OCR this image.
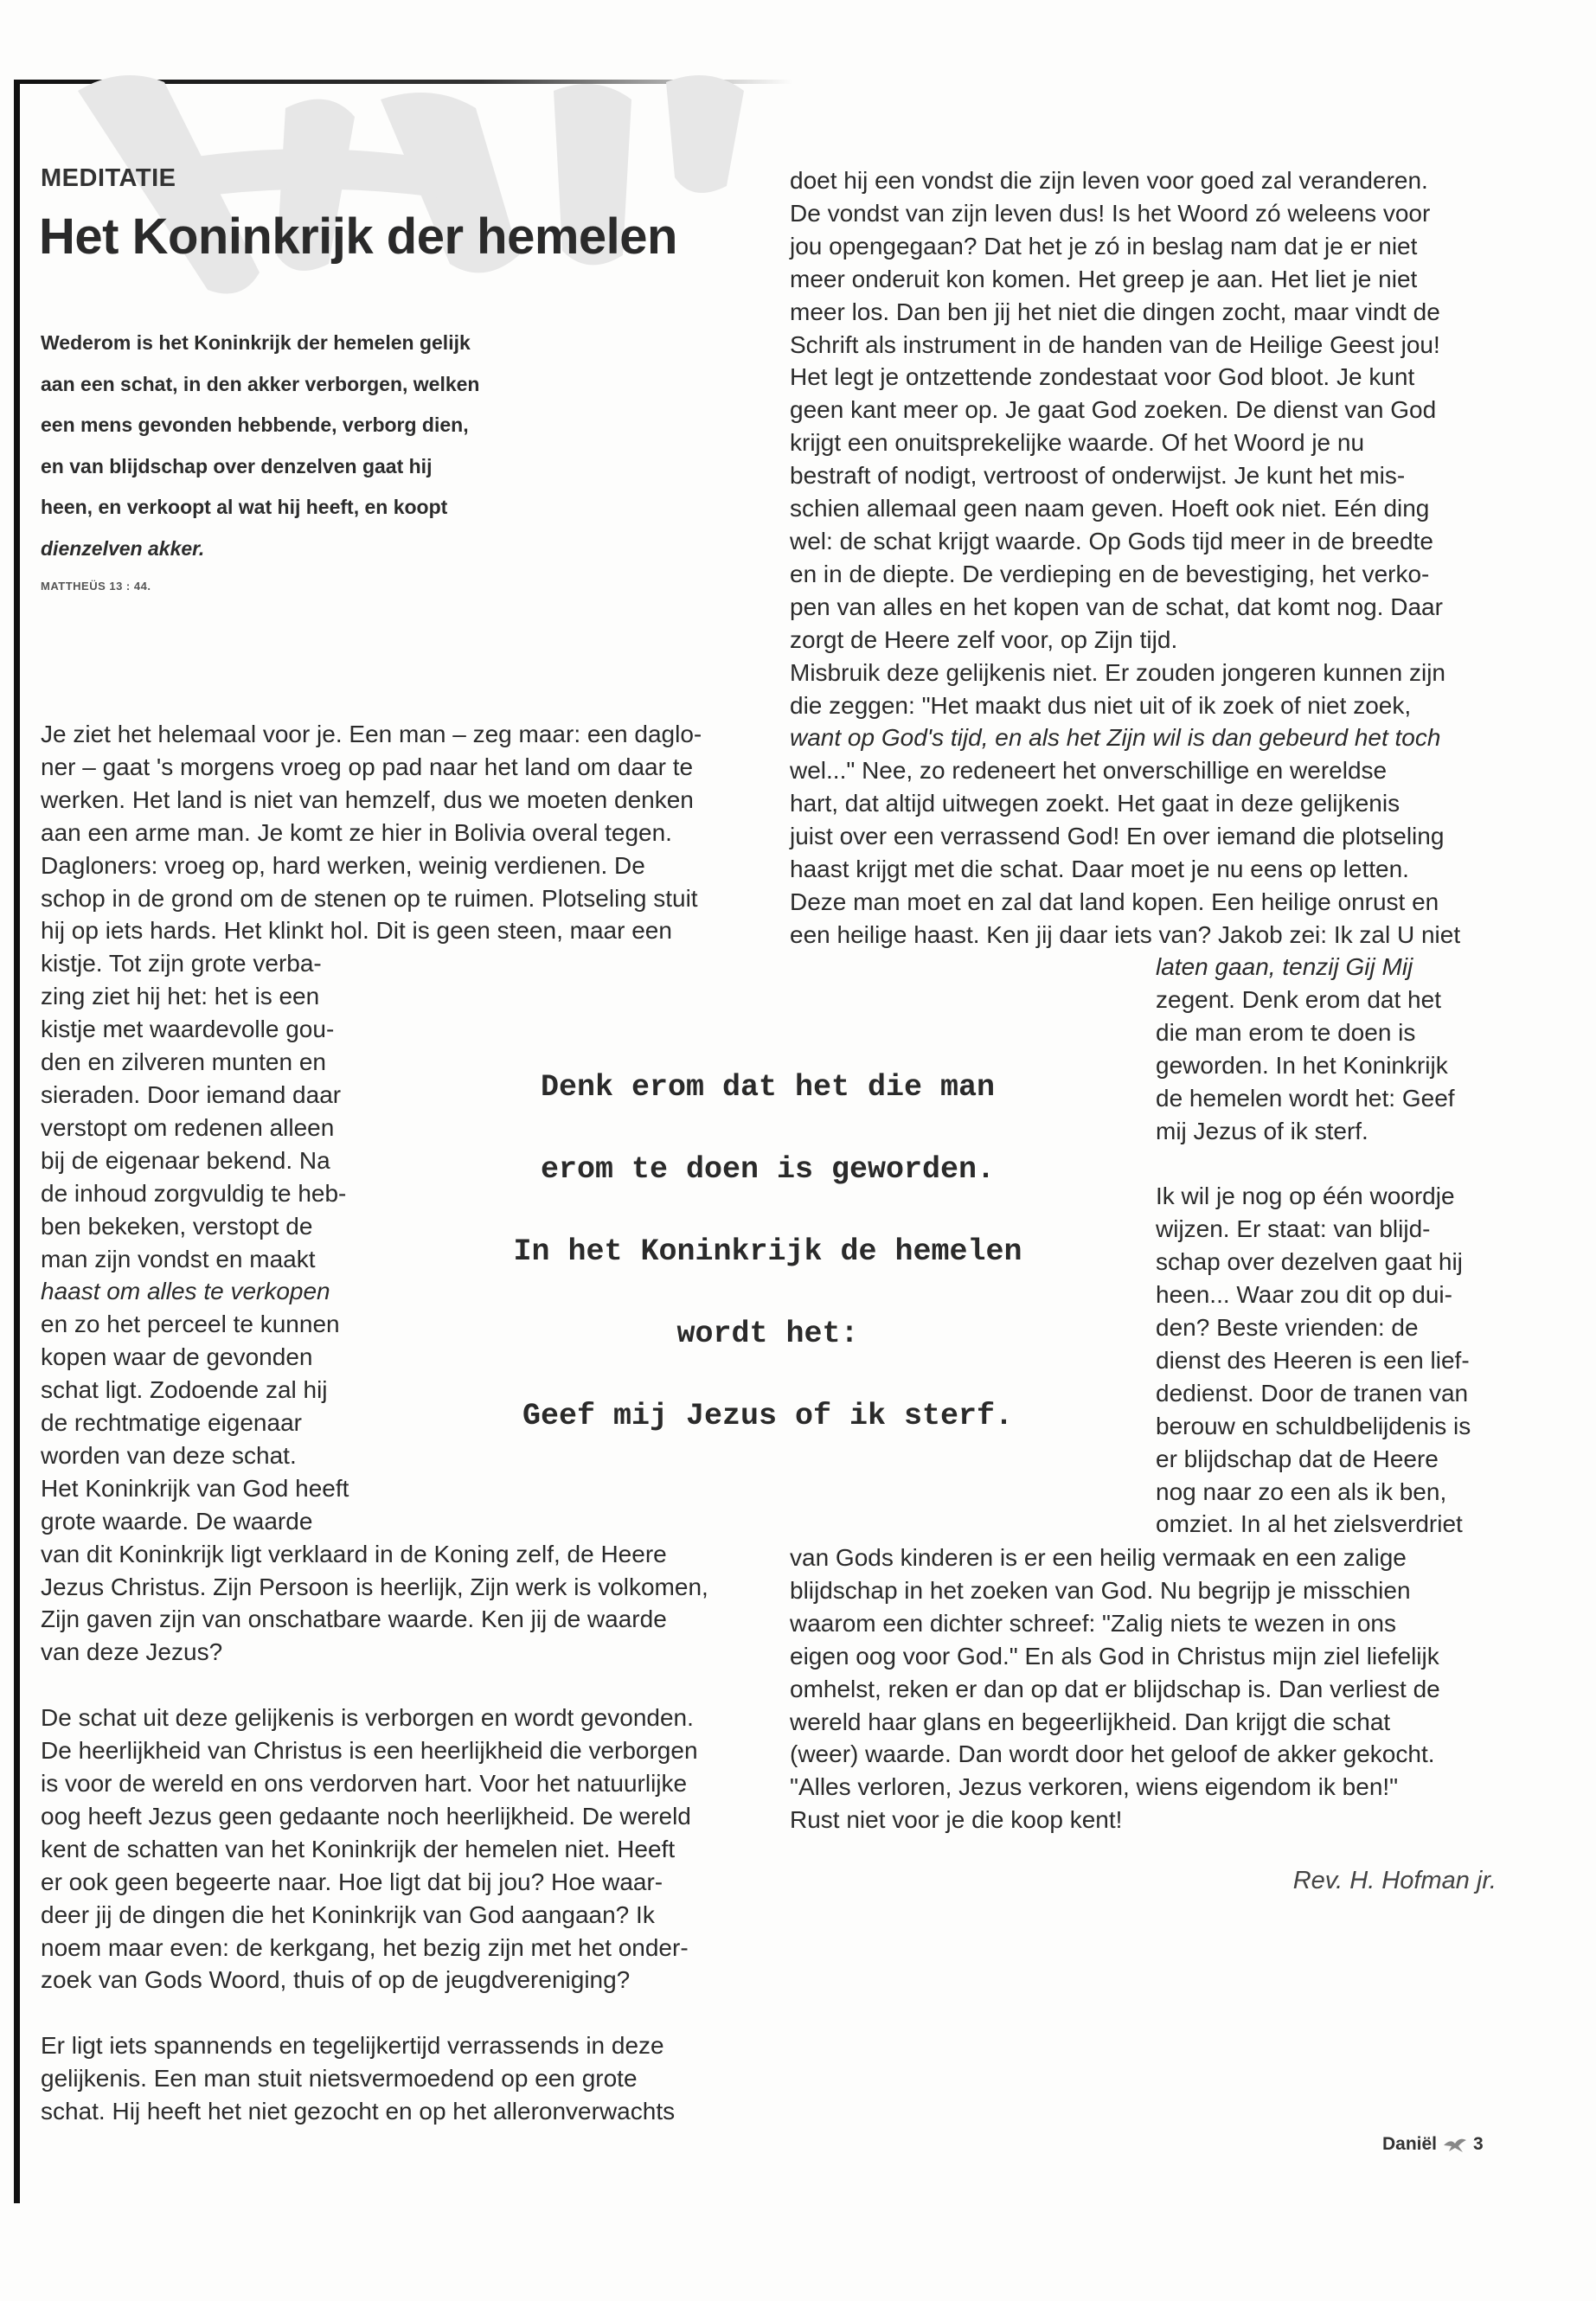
MEDITATIE
Het Koninkrijk der hemelen
Wederom is het Koninkrijk der hemelen gelijk
aan een schat, in den akker verborgen, welken
een mens gevonden hebbende, verborg dien,
en van blijdschap over denzelven gaat hij
heen, en verkoopt al wat hij heeft, en koopt
dienzelven akker.
MATTHEÜS 13 : 44.
Je ziet het helemaal voor je. Een man – zeg maar: een daglo-
ner – gaat 's morgens vroeg op pad naar het land om daar te
werken. Het land is niet van hemzelf, dus we moeten denken
aan een arme man. Je komt ze hier in Bolivia overal tegen.
Dagloners: vroeg op, hard werken, weinig verdienen. De
schop in de grond om de stenen op te ruimen. Plotseling stuit
hij op iets hards. Het klinkt hol. Dit is geen steen, maar een
kistje. Tot zijn grote verba-
zing ziet hij het: het is een
kistje met waardevolle gou-
den en zilveren munten en
sieraden. Door iemand daar
verstopt om redenen alleen
bij de eigenaar bekend. Na
de inhoud zorgvuldig te heb-
ben bekeken, verstopt de
man zijn vondst en maakt
haast om alles te verkopen
en zo het perceel te kunnen
kopen waar de gevonden
schat ligt. Zodoende zal hij
de rechtmatige eigenaar
worden van deze schat.
Het Koninkrijk van God heeft
grote waarde. De waarde
van dit Koninkrijk ligt verklaard in de Koning zelf, de Heere
Jezus Christus. Zijn Persoon is heerlijk, Zijn werk is volkomen,
Zijn gaven zijn van onschatbare waarde. Ken jij de waarde
van deze Jezus?

De schat uit deze gelijkenis is verborgen en wordt gevonden.
De heerlijkheid van Christus is een heerlijkheid die verborgen
is voor de wereld en ons verdorven hart. Voor het natuurlijke
oog heeft Jezus geen gedaante noch heerlijkheid. De wereld
kent de schatten van het Koninkrijk der hemelen niet. Heeft
er ook geen begeerte naar. Hoe ligt dat bij jou? Hoe waar-
deer jij de dingen die het Koninkrijk van God aangaan? Ik
noem maar even: de kerkgang, het bezig zijn met het onder-
zoek van Gods Woord, thuis of op de jeugdvereniging?

Er ligt iets spannends en tegelijkertijd verrassends in deze
gelijkenis. Een man stuit nietsvermoedend op een grote
schat. Hij heeft het niet gezocht en op het alleronverwachts
doet hij een vondst die zijn leven voor goed zal veranderen.
De vondst van zijn leven dus! Is het Woord zó weleens voor
jou opengegaan? Dat het je zó in beslag nam dat je er niet
meer onderuit kon komen. Het greep je aan. Het liet je niet
meer los. Dan ben jij het niet die dingen zocht, maar vindt de
Schrift als instrument in de handen van de Heilige Geest jou!
Het legt je ontzettende zondestaat voor God bloot. Je kunt
geen kant meer op. Je gaat God zoeken. De dienst van God
krijgt een onuitsprekelijke waarde. Of het Woord je nu
bestraft of nodigt, vertroost of onderwijst. Je kunt het mis-
schien allemaal geen naam geven. Hoeft ook niet. Eén ding
wel: de schat krijgt waarde. Op Gods tijd meer in de breedte
en in de diepte. De verdieping en de bevestiging, het verko-
pen van alles en het kopen van de schat, dat komt nog. Daar
zorgt de Heere zelf voor, op Zijn tijd.
Misbruik deze gelijkenis niet. Er zouden jongeren kunnen zijn
die zeggen: "Het maakt dus niet uit of ik zoek of niet zoek,
want op God's tijd, en als het Zijn wil is dan gebeurd het toch
wel..." Nee, zo redeneert het onverschillige en wereldse
hart, dat altijd uitwegen zoekt. Het gaat in deze gelijkenis
juist over een verrassend God! En over iemand die plotseling
haast krijgt met die schat. Daar moet je nu eens op letten.
Deze man moet en zal dat land kopen. Een heilige onrust en
een heilige haast. Ken jij daar iets van? Jakob zei: Ik zal U niet
laten gaan, tenzij Gij Mij
zegent. Denk erom dat het
die man erom te doen is
geworden. In het Koninkrijk
de hemelen wordt het: Geef
mij Jezus of ik sterf.

Ik wil je nog op één woordje
wijzen. Er staat: van blijd-
schap over dezelven gaat hij
heen... Waar zou dit op dui-
den? Beste vrienden: de
dienst des Heeren is een lief-
dedienst. Door de tranen van
berouw en schuldbelijdenis is
er blijdschap dat de Heere
nog naar zo een als ik ben,
omziet. In al het zielsverdriet
van Gods kinderen is er een heilig vermaak en een zalige
blijdschap in het zoeken van God. Nu begrijp je misschien
waarom een dichter schreef: "Zalig niets te wezen in ons
eigen oog voor God." En als God in Christus mijn ziel liefelijk
omhelst, reken er dan op dat er blijdschap is. Dan verliest de
wereld haar glans en begeerlijkheid. Dan krijgt die schat
(weer) waarde. Dan wordt door het geloof de akker gekocht.
"Alles verloren, Jezus verkoren, wiens eigendom ik ben!"
Rust niet voor je die koop kent!
Denk erom dat het die man
erom te doen is geworden.
In het Koninkrijk de hemelen
wordt het:
Geef mij Jezus of ik sterf.
Rev. H. Hofman jr.
Daniël 3
